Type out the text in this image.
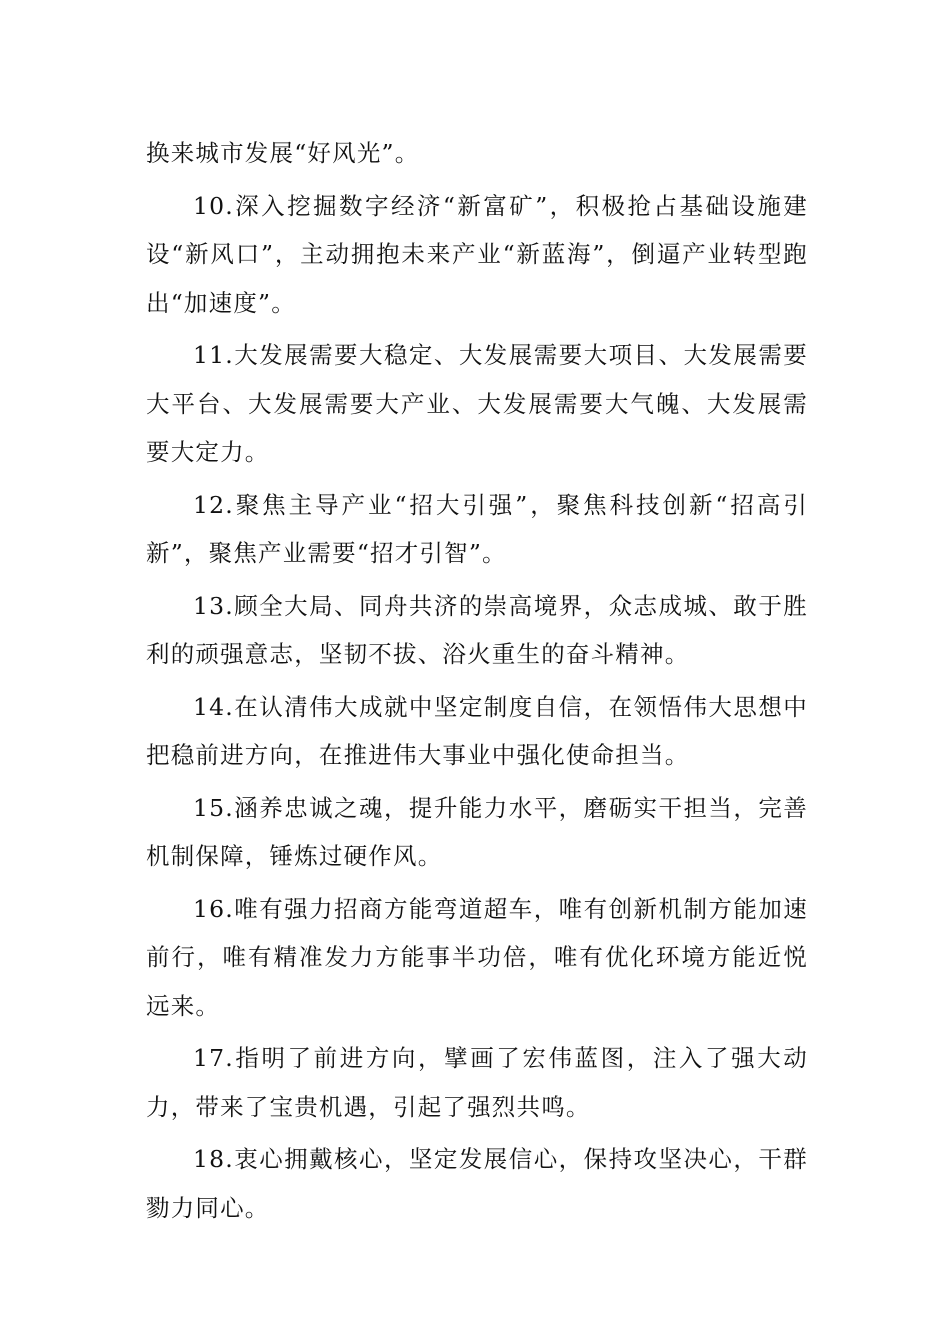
换来城市发展“好风光”。

10.深入挖掘数字经济“新富矿”，积极抢占基础设施建设“新风口”，主动拥抱未来产业“新蓝海”，倒逼产业转型跑出“加速度”。

11.大发展需要大稳定、大发展需要大项目、大发展需要大平台、大发展需要大产业、大发展需要大气魄、大发展需要大定力。

12.聚焦主导产业“招大引强”，聚焦科技创新“招高引新”，聚焦产业需要“招才引智”。

13.顾全大局、同舟共济的崇高境界，众志成城、敢于胜利的顽强意志，坚韧不拔、浴火重生的奋斗精神。

14.在认清伟大成就中坚定制度自信，在领悟伟大思想中把稳前进方向，在推进伟大事业中强化使命担当。

15.涵养忠诚之魂，提升能力水平，磨砺实干担当，完善机制保障，锤炼过硬作风。

16.唯有强力招商方能弯道超车，唯有创新机制方能加速前行，唯有精准发力方能事半功倍，唯有优化环境方能近悦远来。

17.指明了前进方向，擘画了宏伟蓝图，注入了强大动力，带来了宝贵机遇，引起了强烈共鸣。

18.衷心拥戴核心，坚定发展信心，保持攻坚决心，干群勠力同心。
